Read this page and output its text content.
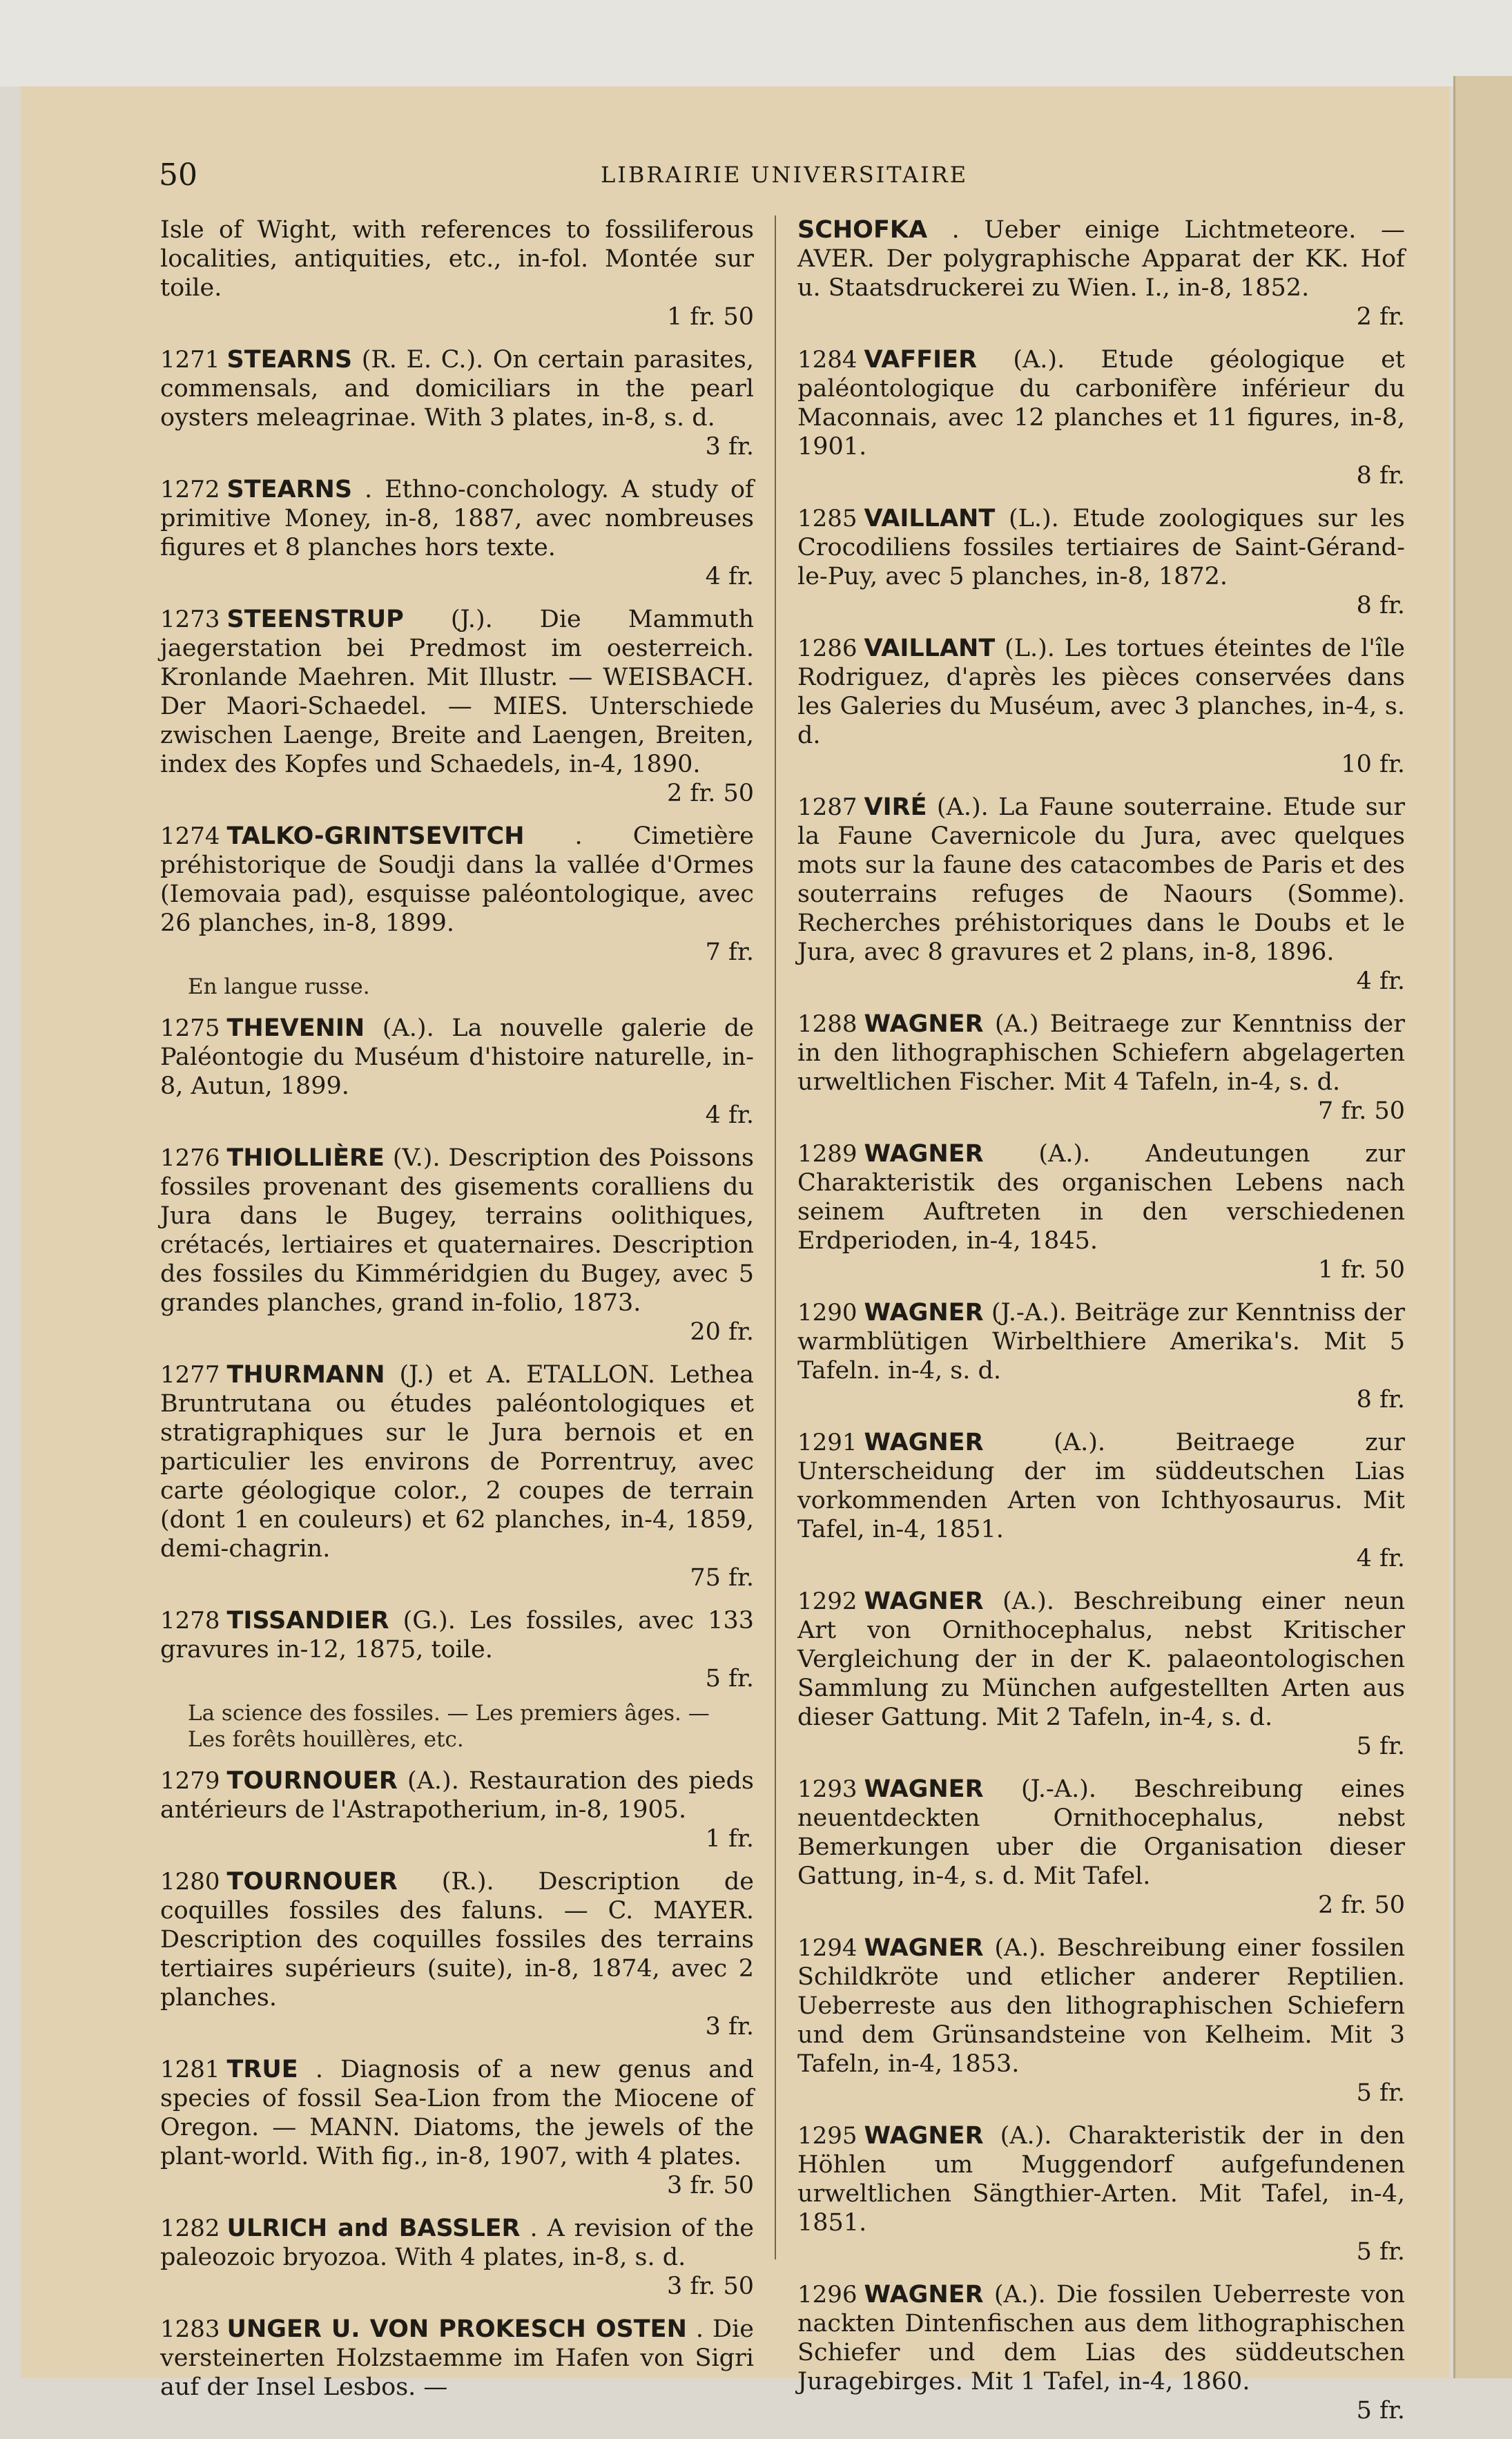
50	LIBRAIRIE UNIVERSITAIRE
Isle of Wight, with references to fossiliferous localities, antiquities, etc., in-fol. Montée sur toile.
1 fr. 50
1271 STEARNS (R. E. C.). On certain parasites, commensals, and domiciliars in the pearl oysters meleagrinae. With 3 plates, in-8, s. d.
3 fr.
1272 STEARNS . Ethno-conchology. A study of primitive Money, in-8, 1887, avec nombreuses figures et 8 planches hors texte.
4 fr.
1273 STEENSTRUP (J.). Die Mammuth jaegerstation bei Predmost im oesterreich. Kronlande Maehren. Mit Illustr. — WEISBACH. Der Maori-Schaedel. — MIES. Unterschiede zwischen Laenge, Breite and Laengen, Breiten, index des Kopfes und Schaedels, in-4, 1890.
2 fr. 50
1274 TALKO-GRINTSEVITCH . Cimetière préhistorique de Soudji dans la vallée d'Ormes (Iemovaia pad), esquisse paléontologique, avec 26 planches, in-8, 1899.
7 fr.
En langue russe.
1275 THEVENIN (A.). La nouvelle galerie de Paléontogie du Muséum d'histoire naturelle, in-8, Autun, 1899.
4 fr.
1276 THIOLLIÈRE (V.). Description des Poissons fossiles provenant des gisements coralliens du Jura dans le Bugey, terrains oolithiques, crétacés, lertiaires et quaternaires. Description des fossiles du Kimméridgien du Bugey, avec 5 grandes planches, grand in-folio, 1873.
20 fr.
1277 THURMANN (J.) et A. ETALLON. Lethea Bruntrutana ou études paléontologiques et stratigraphiques sur le Jura bernois et en particulier les environs de Porrentruy, avec carte géologique color., 2 coupes de terrain (dont 1 en couleurs) et 62 planches, in-4, 1859, demi-chagrin.
75 fr.
1278 TISSANDIER (G.). Les fossiles, avec 133 gravures in-12, 1875, toile.
5 fr.
La science des fossiles. — Les premiers âges. — Les forêts houillères, etc.
1279 TOURNOUER (A.). Restauration des pieds antérieurs de l'Astrapotherium, in-8, 1905.
1 fr.
1280 TOURNOUER (R.). Description de coquilles fossiles des faluns. — C. MAYER. Description des coquilles fossiles des terrains tertiaires supérieurs (suite), in-8, 1874, avec 2 planches.
3 fr.
1281 TRUE . Diagnosis of a new genus and species of fossil Sea-Lion from the Miocene of Oregon. — MANN. Diatoms, the jewels of the plant-world. With fig., in-8, 1907, with 4 plates.
3 fr. 50
1282 ULRICH and BASSLER . A revision of the paleozoic bryozoa. With 4 plates, in-8, s. d.
3 fr. 50
1283 UNGER U. VON PROKESCH OSTEN . Die versteinerten Holzstaemme im Hafen von Sigri auf der Insel Lesbos. —
SCHOFKA . Ueber einige Lichtmeteore. — AVER. Der polygraphische Apparat der KK. Hof u. Staatsdruckerei zu Wien. I., in-8, 1852.
2 fr.
1284 VAFFIER (A.). Etude géologique et paléontologique du carbonifère inférieur du Maconnais, avec 12 planches et 11 figures, in-8, 1901.
8 fr.
1285 VAILLANT (L.). Etude zoologiques sur les Crocodiliens fossiles tertiaires de Saint-Gérand-le-Puy, avec 5 planches, in-8, 1872.
8 fr.
1286 VAILLANT (L.). Les tortues éteintes de l'île Rodriguez, d'après les pièces conservées dans les Galeries du Muséum, avec 3 planches, in-4, s. d.
10 fr.
1287 VIRÉ (A.). La Faune souterraine. Etude sur la Faune Cavernicole du Jura, avec quelques mots sur la faune des catacombes de Paris et des souterrains refuges de Naours (Somme). Recherches préhistoriques dans le Doubs et le Jura, avec 8 gravures et 2 plans, in-8, 1896.
4 fr.
1288 WAGNER (A.) Beitraege zur Kenntniss der in den lithographischen Schiefern abgelagerten urweltlichen Fischer. Mit 4 Tafeln, in-4, s. d.
7 fr. 50
1289 WAGNER (A.). Andeutungen zur Charakteristik des organischen Lebens nach seinem Auftreten in den verschiedenen Erdperioden, in-4, 1845.
1 fr. 50
1290 WAGNER (J.-A.). Beiträge zur Kenntniss der warmblütigen Wirbelthiere Amerika's. Mit 5 Tafeln. in-4, s. d.
8 fr.
1291 WAGNER	(A.). Beitraege zur Unterscheidung der im süddeutschen Lias vorkommenden Arten von Ichthyosaurus. Mit Tafel, in-4, 1851.
4 fr.
1292 WAGNER (A.). Beschreibung einer neun Art von Ornithocephalus, nebst Kritischer Vergleichung der in der K. palaeontologischen Sammlung zu München aufgestellten Arten aus dieser Gattung. Mit 2 Tafeln, in-4, s. d.
5 fr.
1293 WAGNER (J.-A.). Beschreibung eines neuentdeckten Ornithocephalus, nebst Bemerkungen uber die Organisation dieser Gattung, in-4, s. d. Mit Tafel.
2 fr. 50
1294 WAGNER (A.). Beschreibung einer fossilen Schildkröte und etlicher anderer Reptilien. Ueberreste aus den lithographischen Schiefern und dem Grünsandsteine von Kelheim. Mit 3 Tafeln, in-4, 1853.
5 fr.
1295 WAGNER (A.). Charakteristik der in den Höhlen um Muggendorf aufgefundenen urweltlichen Sängthier-Arten. Mit Tafel, in-4, 1851.
5 fr.
1296 WAGNER (A.). Die fossilen Ueberreste von nackten Dintenfischen aus dem lithographischen Schiefer und dem Lias des süddeutschen Juragebirges. Mit 1 Tafel, in-4, 1860.
5 fr.
